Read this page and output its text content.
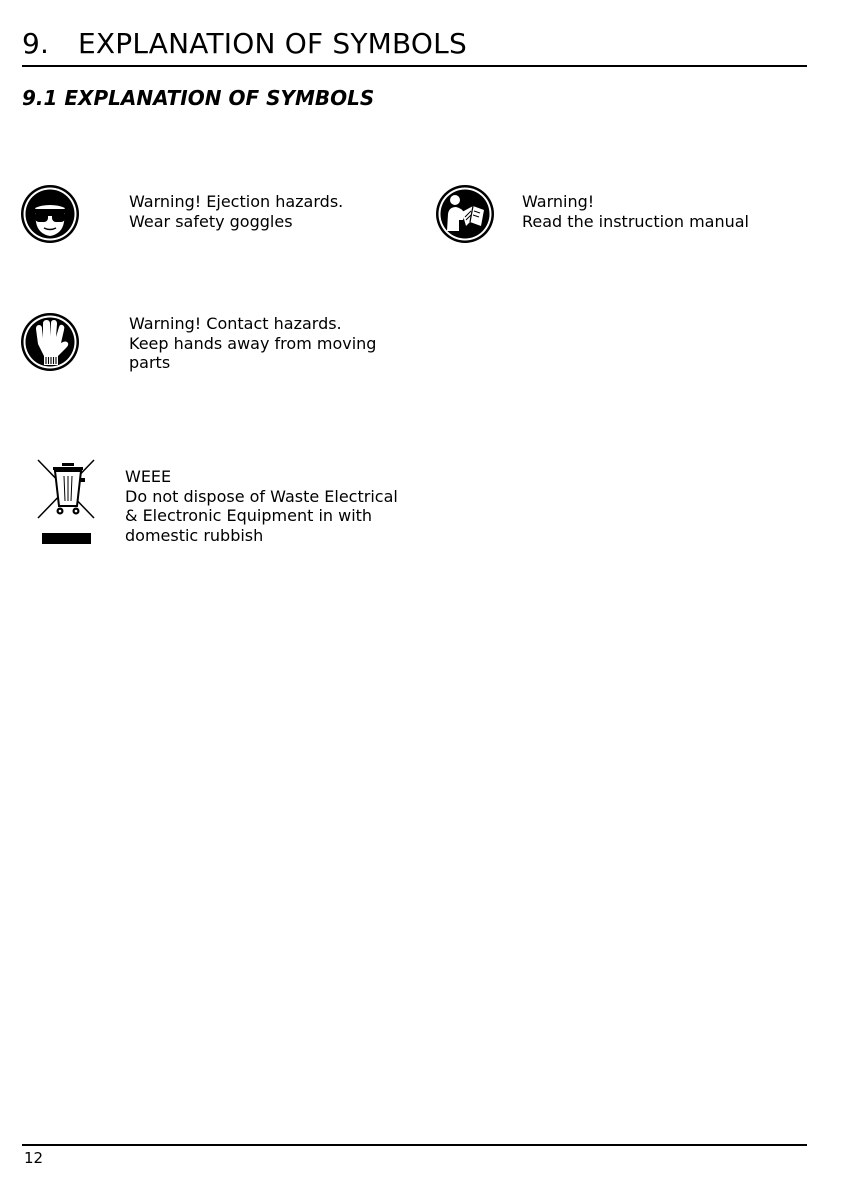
9. EXPLANATION OF SYMBOLS
9.1 EXPLANATION OF SYMBOLS
Warning! Ejection hazards.
Wear safety goggles
Warning!
Read the instruction manual
Warning! Contact hazards.
Keep hands away from moving
parts
WEEE
Do not dispose of Waste Electrical
& Electronic Equipment in with
domestic rubbish
12
